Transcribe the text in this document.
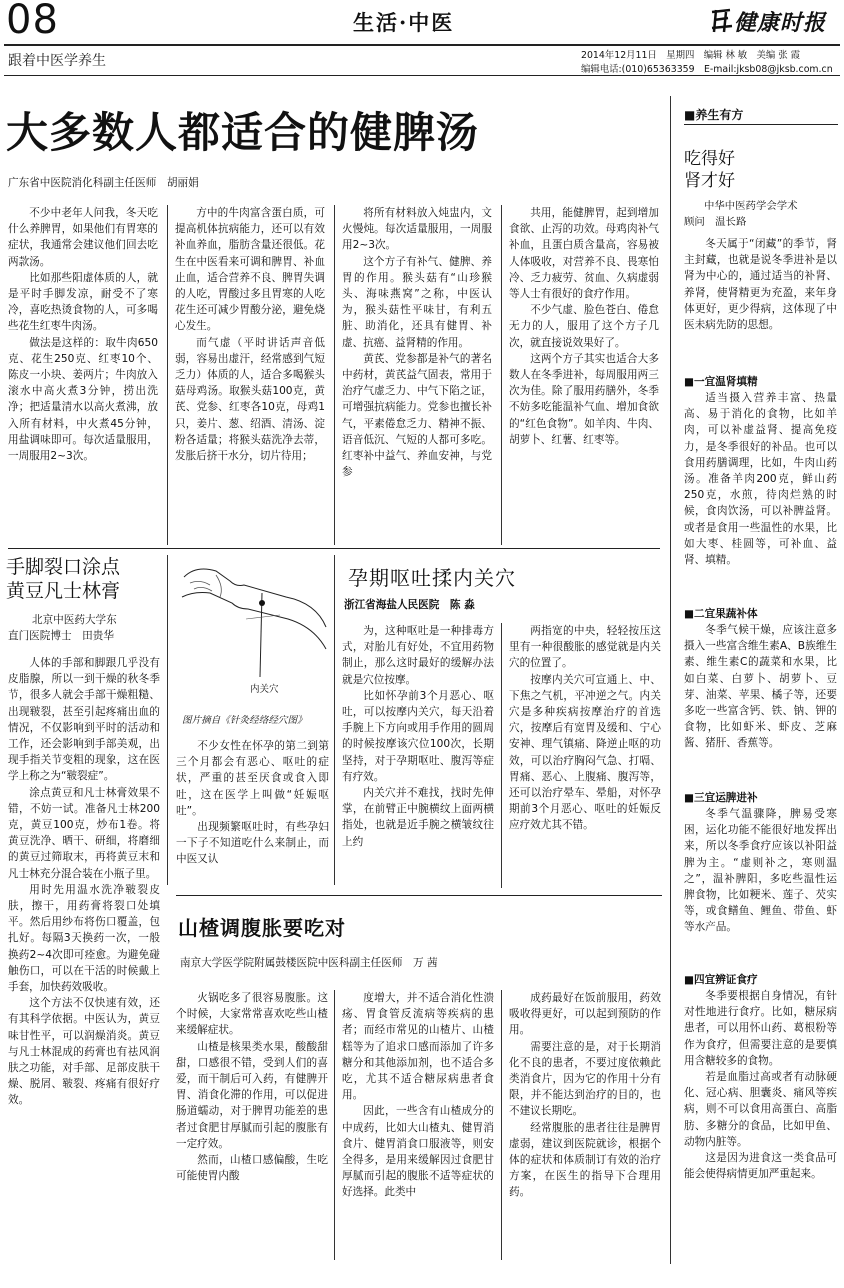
08	生活·中医	健康时报
跟着中医学养生	2014年12月11日　星期四　编辑 林 敏　美编 张 霞
编辑电话:(010)65363359　E-mail:jksb08@jksb.com.cn
大多数人都适合的健脾汤
广东省中医院消化科副主任医师　胡丽娟

不少中老年人问我，冬天吃什么养脾胃，如果他们有胃寒的症状，我通常会建议他们回去吃两款汤。

比如那些阳虚体质的人，就是平时手脚发凉，耐受不了寒冷，喜吃热烫食物的人，可多喝些花生红枣牛肉汤。

做法是这样的：取牛肉650克、花生250克、红枣10个、陈皮一小块、姜两片；牛肉放入滚水中高火煮3分钟，捞出洗净；把适量清水以高火煮沸，放入所有材料，中火煮45分钟，用盐调味即可。每次适量服用，一周服用2~3次。

方中的牛肉富含蛋白质，可提高机体抗病能力，还可以有效补血养血，脂肪含量还很低。花生在中医看来可调和脾胃、补血止血，适合营养不良、脾胃失调的人吃，胃酸过多且胃寒的人吃花生还可减少胃酸分泌，避免烧心发生。

而气虚（平时讲话声音低弱，容易出虚汗，经常感到气短乏力）体质的人，适合多喝猴头菇母鸡汤。取猴头菇100克，黄芪、党参、红枣各10克，母鸡1只，姜片、葱、绍酒、清汤、淀粉各适量；将猴头菇洗净去蒂，发胀后挤干水分，切片待用；

将所有材料放入炖盅内，文火慢炖。每次适量服用，一周服用2~3次。

这个方子有补气、健脾、养胃的作用。猴头菇有“山珍猴头、海味燕窝”之称，中医认为，猴头菇性平味甘，有利五脏、助消化，还具有健胃、补虚、抗癌、益肾精的作用。

黄芪、党参都是补气的著名中药材，黄芪益气固表，常用于治疗气虚乏力、中气下陷之证，可增强抗病能力。党参也擅长补气，平素倦怠乏力、精神不振、语音低沉、气短的人都可多吃。红枣补中益气、养血安神，与党参

共用，能健脾胃，起到增加食欲、止泻的功效。母鸡肉补气补血，且蛋白质含量高，容易被人体吸收，对营养不良、畏寒怕冷、乏力疲劳、贫血、久病虚弱等人士有很好的食疗作用。

不少气虚、脸色苍白、倦怠无力的人，服用了这个方子几次，就直接说效果好了。

这两个方子其实也适合大多数人在冬季进补，每周服用两三次为佳。除了服用药膳外，冬季不妨多吃能温补气血、增加食欲的“红色食物”。如羊肉、牛肉、胡萝卜、红薯、红枣等。

手脚裂口涂点
黄豆凡士林膏
北京中医药大学东
直门医院博士　田贵华

人体的手部和脚跟几乎没有皮脂腺，所以一到干燥的秋冬季节，很多人就会手部干燥粗糙、出现皲裂，甚至引起疼痛出血的情况，不仅影响到平时的活动和工作，还会影响到手部美观，出现手指关节变粗的现象，这在医学上称之为“皲裂症”。

涂点黄豆和凡士林膏效果不错，不妨一试。准备凡士林200克，黄豆100克，炒布1卷。将黄豆洗净、晒干、研细，将磨细的黄豆过筛取末，再将黄豆末和凡士林充分混合装在小瓶子里。

用时先用温水洗净皲裂皮肤，擦干，用药膏将裂口处填平。然后用纱布将伤口覆盖，包扎好。每隔3天换药一次，一般换药2~4次即可痊愈。为避免碰触伤口，可以在干活的时候戴上手套，加快药效吸收。

这个方法不仅快速有效，还有其科学依据。中医认为，黄豆味甘性平，可以润燥消炎。黄豆与凡士林混成的药膏也有祛风润肤之功能，对手部、足部皮肤干燥、脱屑、皲裂、疼痛有很好疗效。

内关穴
图片摘自《针灸经络经穴图》

不少女性在怀孕的第二到第三个月都会有恶心、呕吐的症状，严重的甚至厌食或食入即吐，这在医学上叫做“妊娠呕吐”。

出现频繁呕吐时，有些孕妇一下子不知道吃什么来制止，而中医又认

孕期呕吐揉内关穴
浙江省海盐人民医院　陈 淼

为，这种呕吐是一种排毒方式，对胎儿有好处，不宜用药物制止，那么这时最好的缓解办法就是穴位按摩。

比如怀孕前3个月恶心、呕吐，可以按摩内关穴，每天沿着手腕上下方向或用手作用的圆周的时候按摩该穴位100次，长期坚持，对于孕期呕吐、腹泻等症有疗效。

内关穴并不难找，找时先伸掌，在前臂正中腕横纹上面两横指处，也就是近手腕之横皱纹往上约

两指宽的中央，轻轻按压这里有一种很酸胀的感觉就是内关穴的位置了。

按摩内关穴可宣通上、中、下焦之气机，平冲逆之气。内关穴是多种疾病按摩治疗的首选穴，按摩后有宽胃及缓和、宁心安神、理气镇痛、降逆止呕的功效，可以治疗胸闷气急、打嗝、胃痛、恶心、上腹痛、腹泻等，还可以治疗晕车、晕船，对怀孕期前3个月恶心、呕吐的妊娠反应疗效尤其不错。

山楂调腹胀要吃对
南京大学医学院附属鼓楼医院中医科副主任医师　万 茜

火锅吃多了很容易腹胀。这个时候，大家常常喜欢吃些山楂来缓解症状。

山楂是核果类水果，酸酸甜甜，口感很不错，受到人们的喜爱，而干制后可入药，有健脾开胃、消食化滞的作用，可以促进肠道蠕动，对于脾胃功能差的患者过食肥甘厚腻而引起的腹胀有一定疗效。

然而，山楂口感偏酸，生吃可能使胃内酸

度增大，并不适合消化性溃疡、胃食管反流病等疾病的患者；而经市常见的山楂片、山楂糕等为了追求口感而添加了许多糖分和其他添加剂，也不适合多吃，尤其不适合糖尿病患者食用。

因此，一些含有山楂成分的中成药，比如大山楂丸、健胃消食片、健胃消食口服液等，则安全得多，是用来缓解因过食肥甘厚腻而引起的腹胀不适等症状的好选择。此类中

成药最好在饭前服用，药效吸收得更好，可以起到预防的作用。

需要注意的是，对于长期消化不良的患者，不要过度依赖此类消食片，因为它的作用十分有限，并不能达到治疗的目的，也不建议长期吃。

经常腹胀的患者往往是脾胃虚弱，建议到医院就诊，根据个体的症状和体质制订有效的治疗方案，在医生的指导下合理用药。

■养生有方
吃得好
肾才好
中华中医药学会学术
顾问　温长路

冬天属于“闭藏”的季节，肾主封藏，也就是说冬季进补是以肾为中心的，通过适当的补肾、养肾，使肾精更为充盈，来年身体更好，更少得病，这体现了中医未病先防的思想。

■一宜温肾填精

适当摄入营养丰富、热量高、易于消化的食物，比如羊肉，可以补虚益肾、提高免疫力，是冬季很好的补品。也可以食用药膳调理，比如，牛肉山药汤。准备羊肉200克，鲜山药250克，水煎，待肉烂熟的时候，食肉饮汤，可以补脾益肾。或者是食用一些温性的水果，比如大枣、桂圆等，可补血、益肾、填精。

■二宜果蔬补体

冬季气候干燥，应该注意多摄入一些富含维生素A、B族维生素、维生素C的蔬菜和水果，比如白菜、白萝卜、胡萝卜、豆芽、油菜、苹果、橘子等，还要多吃一些富含钙、铁、钠、钾的食物，比如虾米、虾皮、芝麻酱、猪肝、香蕉等。

■三宜运脾进补

冬季气温骤降，脾易受寒困，运化功能不能很好地发挥出来，所以冬季食疗应该以补阳益脾为主。“虚则补之，寒则温之”，温补脾阳，多吃些温性运脾食物，比如粳米、莲子、芡实等，或食鳝鱼、鲤鱼、带鱼、虾等水产品。

■四宜辨证食疗

冬季要根据自身情况，有针对性地进行食疗。比如，糖尿病患者，可以用怀山药、葛根粉等作为食疗，但需要注意的是要慎用含糖较多的食物。

若是血脂过高或者有动脉硬化、冠心病、胆囊炎、痛风等疾病，则不可以食用高蛋白、高脂肪、多糖分的食品，比如甲鱼、动物内脏等。

这是因为进食这一类食品可能会使得病情更加严重起来。
